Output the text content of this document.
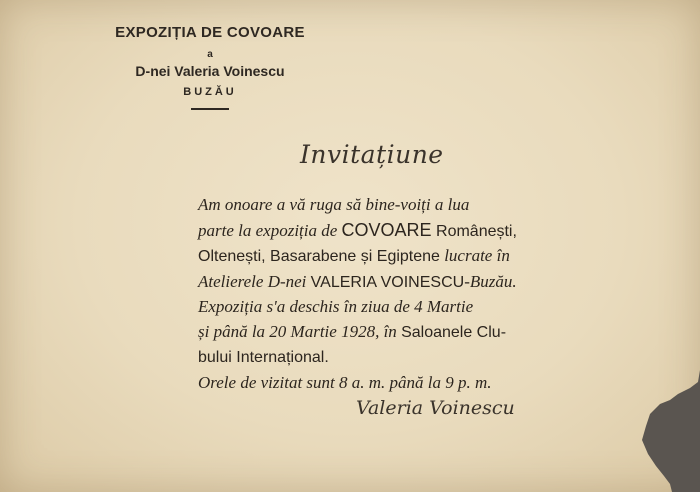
EXPOZIȚIA DE COVOARE
a
D-nei Valeria Voinescu
BUZĂU
Invitațiune
Am onoare a vă ruga să bine-voiți a lua
parte la expoziția de COVOARE Românești,
Oltenești, Basarabene și Egiptene lucrate în
Atelierele D-nei VALERIA VOINESCU-Buzău.
Expoziția s'a deschis în ziua de 4 Martie
și până la 20 Martie 1928, în Saloanele Clu-
bului Internațional.
Orele de vizitat sunt 8 a. m. până la 9 p. m.
Valeria Voinescu
